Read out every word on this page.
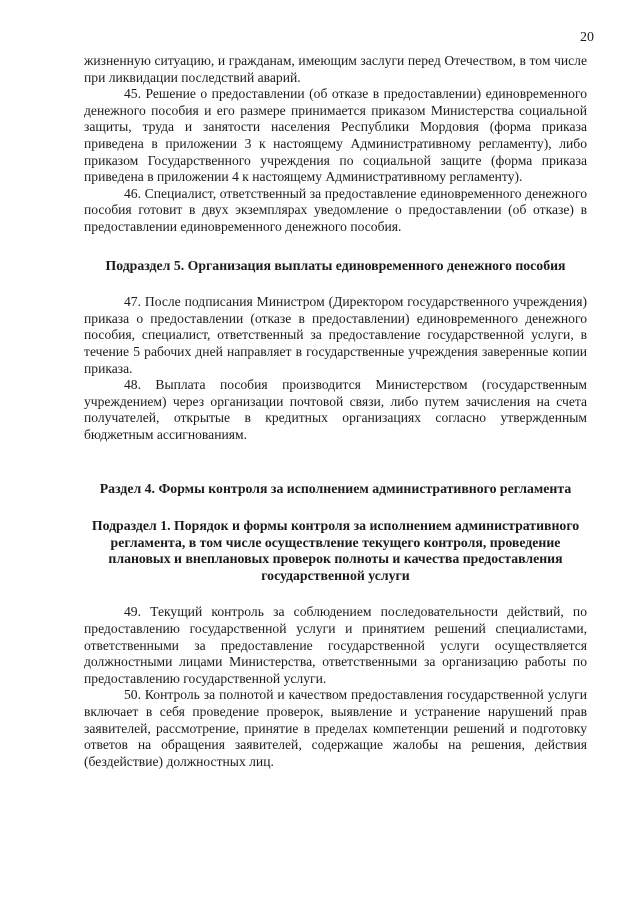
20

жизненную ситуацию, и гражданам, имеющим заслуги перед Отечеством, в том числе при ликвидации последствий аварий.

45. Решение о предоставлении (об отказе в предоставлении) единовременного денежного пособия и его размере принимается приказом Министерства социальной защиты, труда и занятости населения Республики Мордовия (форма приказа приведена в приложении 3 к настоящему Административному регламенту), либо приказом Государственного учреждения по социальной защите (форма приказа приведена в приложении 4 к настоящему Административному регламенту).

46. Специалист, ответственный за предоставление единовременного денежного пособия готовит в двух экземплярах уведомление о предоставлении (об отказе) в предоставлении единовременного денежного пособия.

Подраздел 5. Организация выплаты единовременного денежного пособия

47. После подписания Министром (Директором государственного учреждения) приказа о предоставлении (отказе в предоставлении) единовременного денежного пособия, специалист, ответственный за предоставление государственной услуги, в течение 5 рабочих дней направляет в государственные учреждения заверенные копии приказа.

48. Выплата пособия производится Министерством (государственным учреждением) через организации почтовой связи, либо путем зачисления на счета получателей, открытые в кредитных организациях согласно утвержденным бюджетным ассигнованиям.

Раздел 4. Формы контроля за исполнением административного регламента

Подраздел 1. Порядок и формы контроля за исполнением административного регламента, в том числе осуществление текущего контроля, проведение плановых и внеплановых проверок полноты и качества предоставления государственной услуги

49. Текущий контроль за соблюдением последовательности действий, по предоставлению государственной услуги и принятием решений специалистами, ответственными за предоставление государственной услуги осуществляется должностными лицами Министерства, ответственными за организацию работы по предоставлению государственной услуги.

50. Контроль за полнотой и качеством предоставления государственной услуги включает в себя проведение проверок, выявление и устранение нарушений прав заявителей, рассмотрение, принятие в пределах компетенции решений и подготовку ответов на обращения заявителей, содержащие жалобы на решения, действия (бездействие) должностных лиц.
